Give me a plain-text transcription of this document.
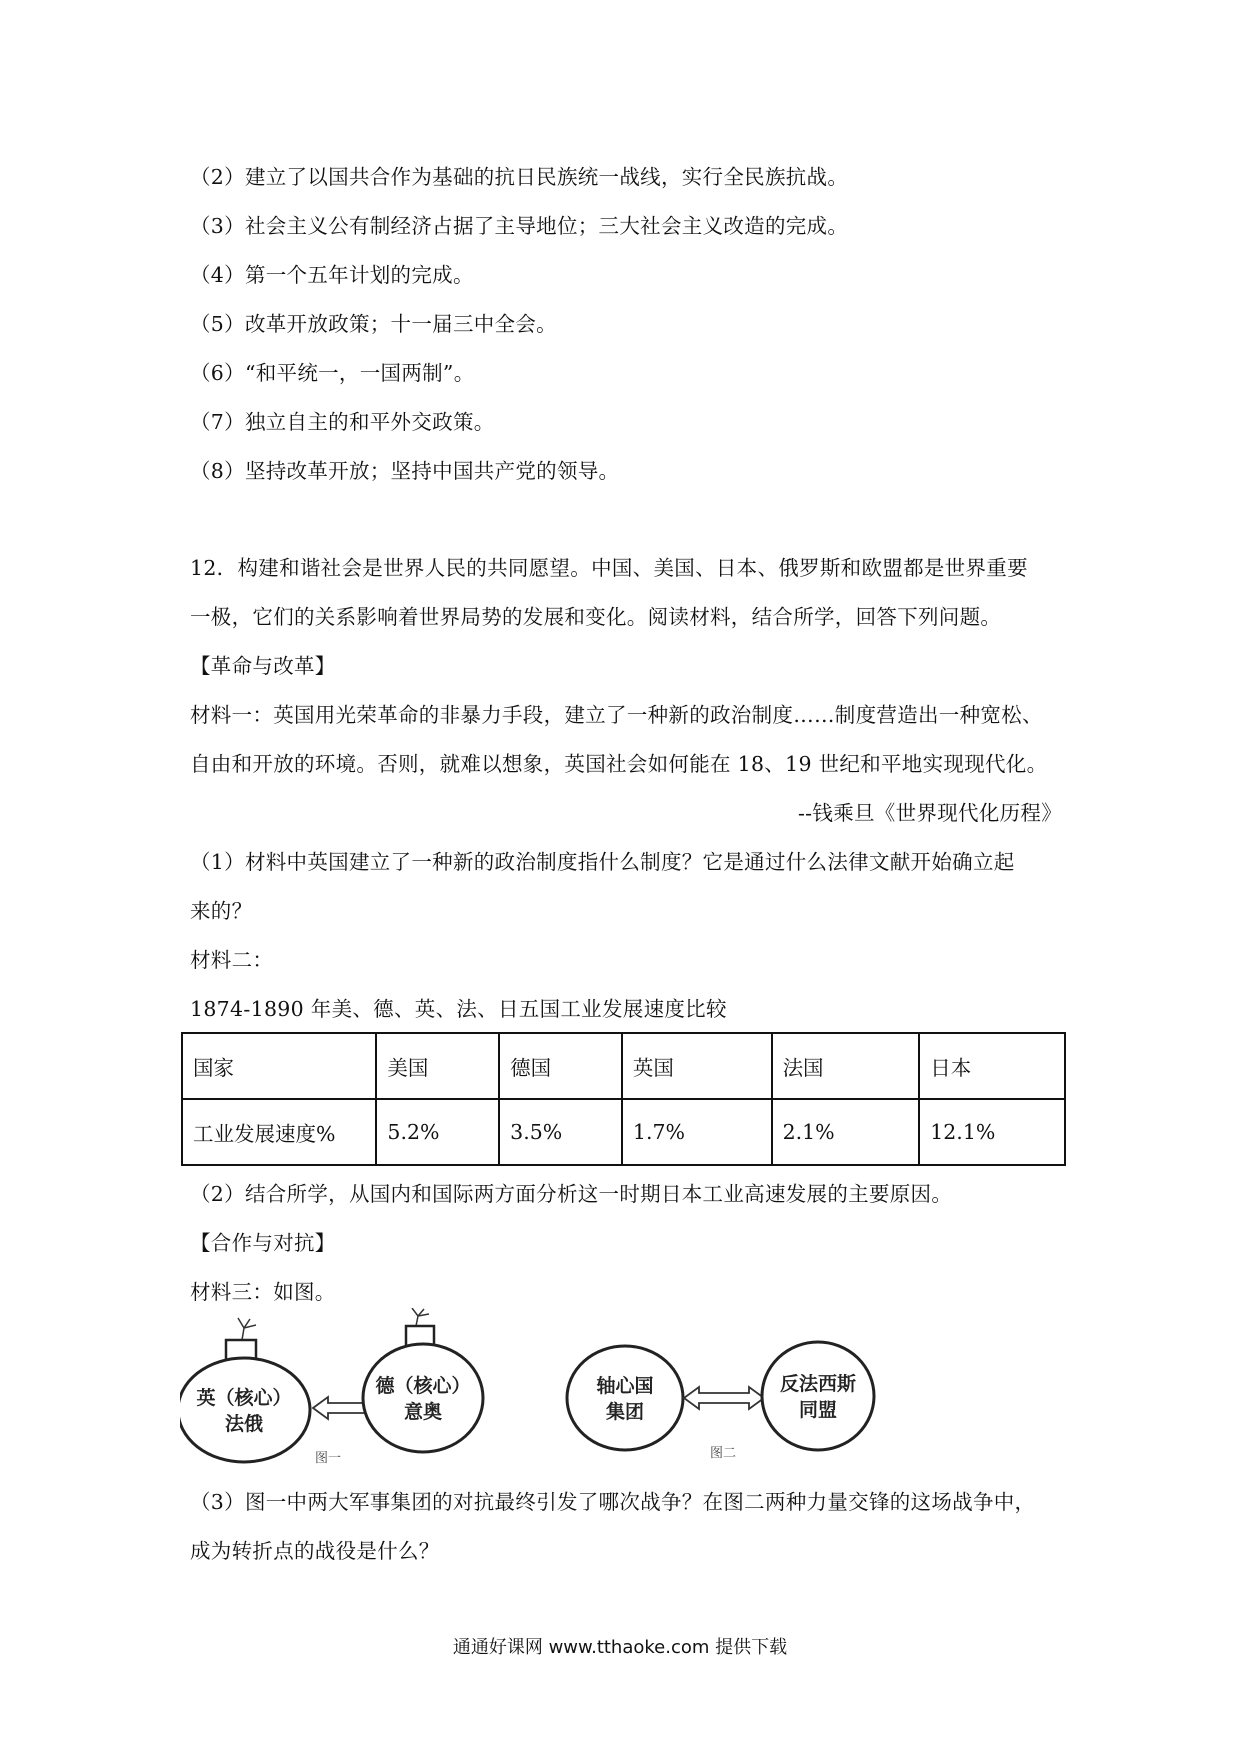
（2）建立了以国共合作为基础的抗日民族统一战线，实行全民族抗战。
（3）社会主义公有制经济占据了主导地位；三大社会主义改造的完成。
（4）第一个五年计划的完成。
（5）改革开放政策；十一届三中全会。
（6）“和平统一，一国两制”。
（7）独立自主的和平外交政策。
（8）坚持改革开放；坚持中国共产党的领导。
12．构建和谐社会是世界人民的共同愿望。中国、美国、日本、俄罗斯和欧盟都是世界重要
一极，它们的关系影响着世界局势的发展和变化。阅读材料，结合所学，回答下列问题。
【革命与改革】
材料一：英国用光荣革命的非暴力手段，建立了一种新的政治制度……制度营造出一种宽松、
自由和开放的环境。否则，就难以想象，英国社会如何能在 18、19 世纪和平地实现现代化。
--钱乘旦《世界现代化历程》
（1）材料中英国建立了一种新的政治制度指什么制度？它是通过什么法律文献开始确立起
来的？
材料二：
1874-1890 年美、德、英、法、日五国工业发展速度比较
国家	美国	德国	英国	法国	日本
工业发展速度%	5.2%	3.5%	1.7%	2.1%	12.1%
（2）结合所学，从国内和国际两方面分析这一时期日本工业高速发展的主要原因。
【合作与对抗】
材料三：如图。
英（核心）
法俄
德（核心）
意奥
图一
轴心国
集团
反法西斯
同盟
图二
（3）图一中两大军事集团的对抗最终引发了哪次战争？在图二两种力量交锋的这场战争中，
成为转折点的战役是什么？
通通好课网 www.tthaoke.com 提供下载
